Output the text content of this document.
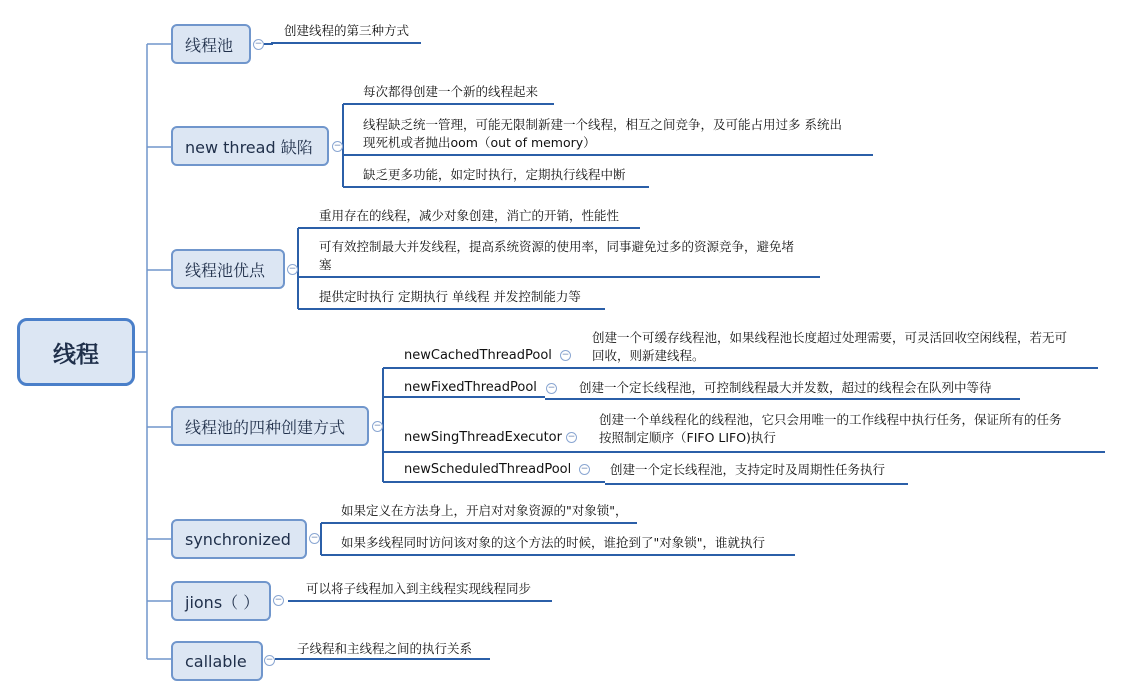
线程
线程池	−
创建线程的第三种方式
new thread 缺陷	−
每次都得创建一个新的线程起来
线程缺乏统一管理，可能无限制新建一个线程，相互之间竞争，及可能占用过多 系统出
现死机或者抛出oom（out of memory）
缺乏更多功能，如定时执行，定期执行线程中断
线程池优点	−
重用存在的线程，减少对象创建，消亡的开销，性能性
可有效控制最大并发线程，提高系统资源的使用率，同事避免过多的资源竞争，避免堵
塞
提供定时执行 定期执行 单线程 并发控制能力等
线程池的四种创建方式	−
newCachedThreadPool −
创建一个可缓存线程池，如果线程池长度超过处理需要，可灵活回收空闲线程，若无可
回收，则新建线程。
newFixedThreadPool − 创建一个定长线程池，可控制线程最大并发数，超过的线程会在队列中等待
newSingThreadExecutor −
创建一个单线程化的线程池，它只会用唯一的工作线程中执行任务，保证所有的任务
按照制定顺序（FIFO LIFO)执行
newScheduledThreadPool − 创建一个定长线程池，支持定时及周期性任务执行
synchronized	−
如果定义在方法身上，开启对对象资源的"对象锁"，
如果多线程同时访问该对象的这个方法的时候，谁抢到了"对象锁"，谁就执行
jions（ ）	−
可以将子线程加入到主线程实现线程同步
callable	−
子线程和主线程之间的执行关系
